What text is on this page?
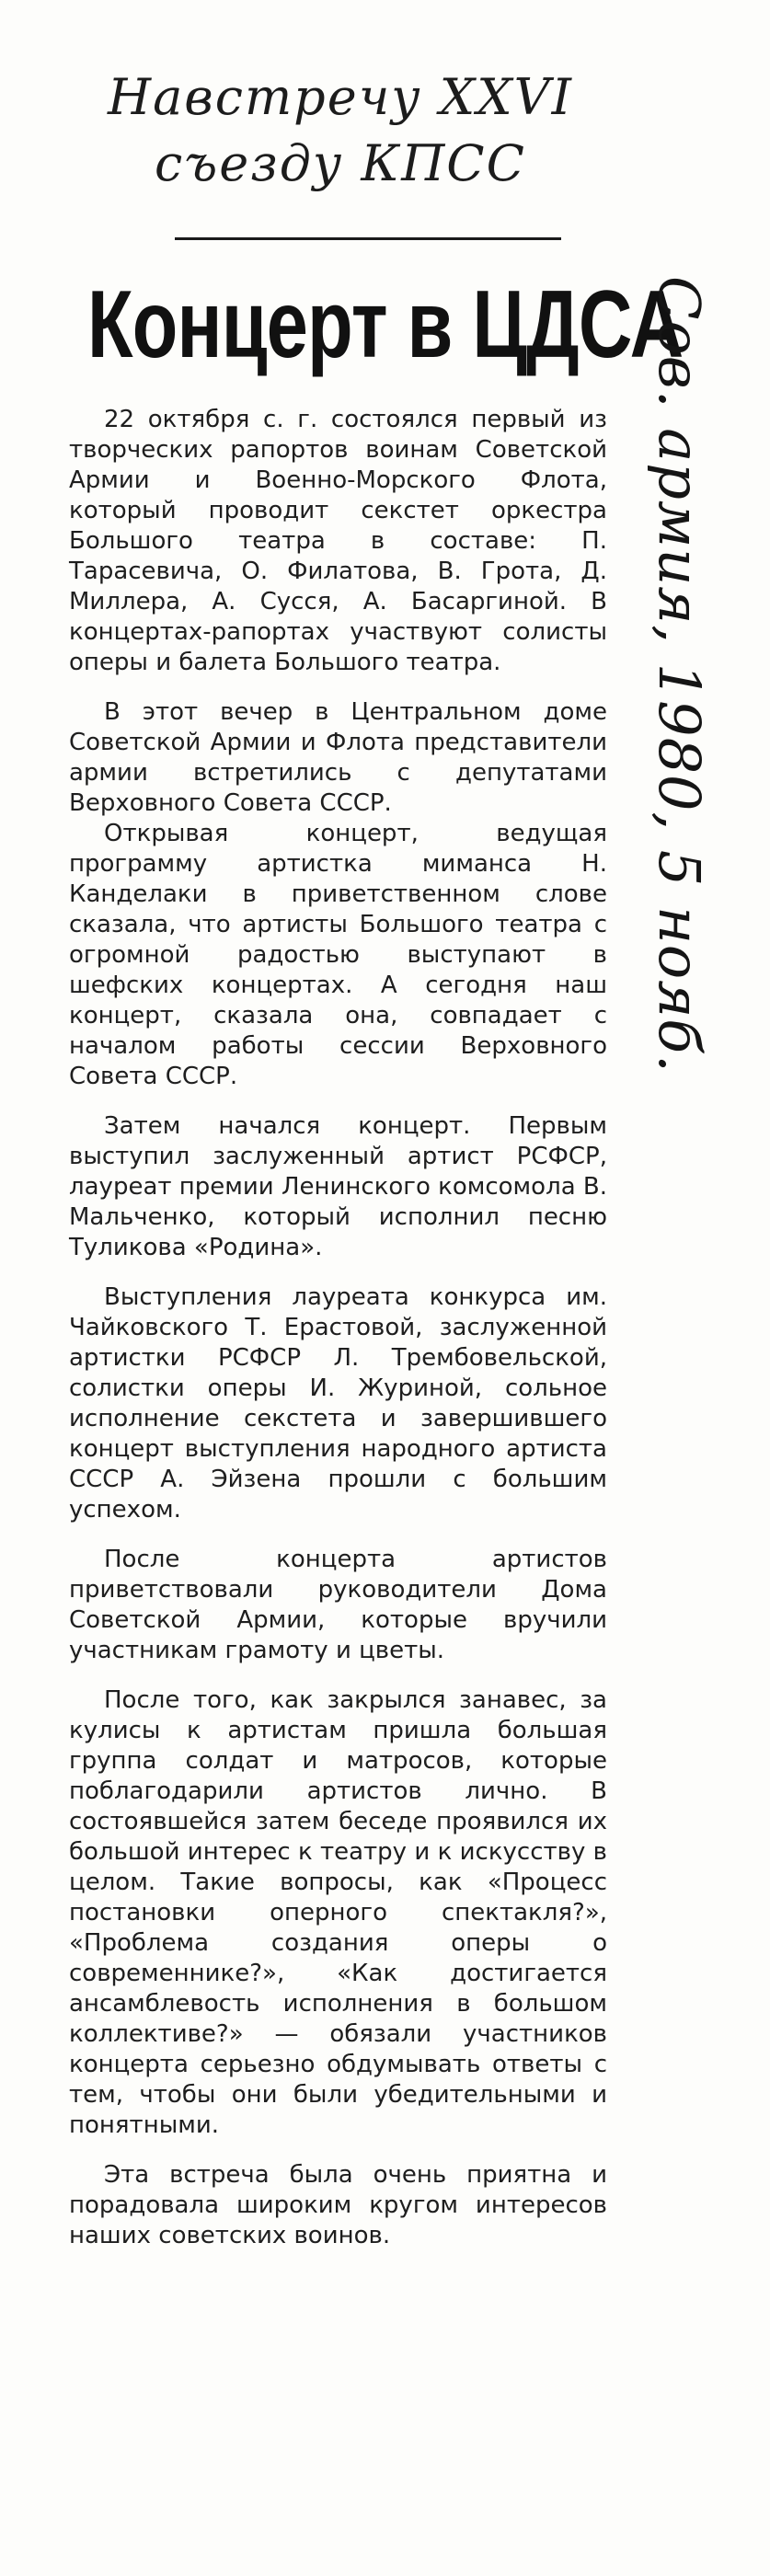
Навстречу XXVI
съезду КПСС

Концерт в ЦДСА
Сов. армия, 1980, 5 нояб.

22 октября с. г. состоялся первый из творческих рапортов воинам Советской Армии и Военно-Морского Флота, который проводит секстет оркестра Большого театра в составе: П. Тарасевича, О. Филатова, В. Грота, Д. Миллера, А. Сусся, А. Басаргиной. В концертах-рапортах участвуют солисты оперы и балета Большого театра.

В этот вечер в Центральном доме Советской Армии и Флота представители армии встретились с депутатами Верховного Совета СССР.

Открывая концерт, ведущая программу артистка миманса Н. Канделаки в приветственном слове сказала, что артисты Большого театра с огромной радостью выступают в шефских концертах. А сегодня наш концерт, сказала она, совпадает с началом работы сессии Верховного Совета СССР.

Затем начался концерт. Первым выступил заслуженный артист РСФСР, лауреат премии Ленинского комсомола В. Мальченко, который исполнил песню Туликова «Родина».

Выступления лауреата конкурса им. Чайковского Т. Ерастовой, заслуженной артистки РСФСР Л. Трембовельской, солистки оперы И. Журиной, сольное исполнение секстета и завершившего концерт выступления народного артиста СССР А. Эйзена прошли с большим успехом.

После концерта артистов приветствовали руководители Дома Советской Армии, которые вручили участникам грамоту и цветы.

После того, как закрылся занавес, за кулисы к артистам пришла большая группа солдат и матросов, которые поблагодарили артистов лично. В состоявшейся затем беседе проявился их большой интерес к театру и к искусству в целом. Такие вопросы, как «Процесс постановки оперного спектакля?», «Проблема создания оперы о современнике?», «Как достигается ансамблевость исполнения в большом коллективе?» — обязали участников концерта серьезно обдумывать ответы с тем, чтобы они были убедительными и понятными.

Эта встреча была очень приятна и порадовала широким кругом интересов наших советских воинов.
